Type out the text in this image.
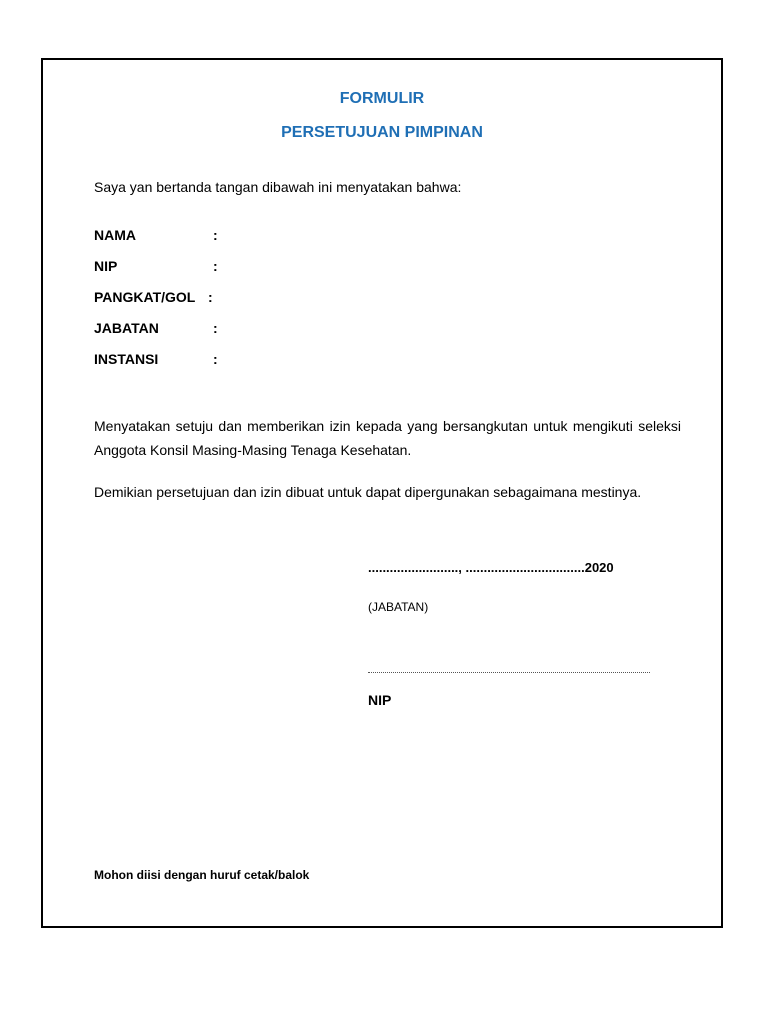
FORMULIR
PERSETUJUAN PIMPINAN
Saya yan bertanda tangan dibawah ini menyatakan bahwa:
NAMA	:
NIP	:
PANGKAT/GOL :
JABATAN	:
INSTANSI	:
Menyatakan setuju dan memberikan izin kepada yang bersangkutan untuk mengikuti seleksi Anggota Konsil Masing-Masing Tenaga Kesehatan.
Demikian persetujuan dan izin dibuat untuk dapat dipergunakan sebagaimana mestinya.
........................., .................................2020
(JABATAN)
NIP
Mohon diisi dengan huruf cetak/balok
